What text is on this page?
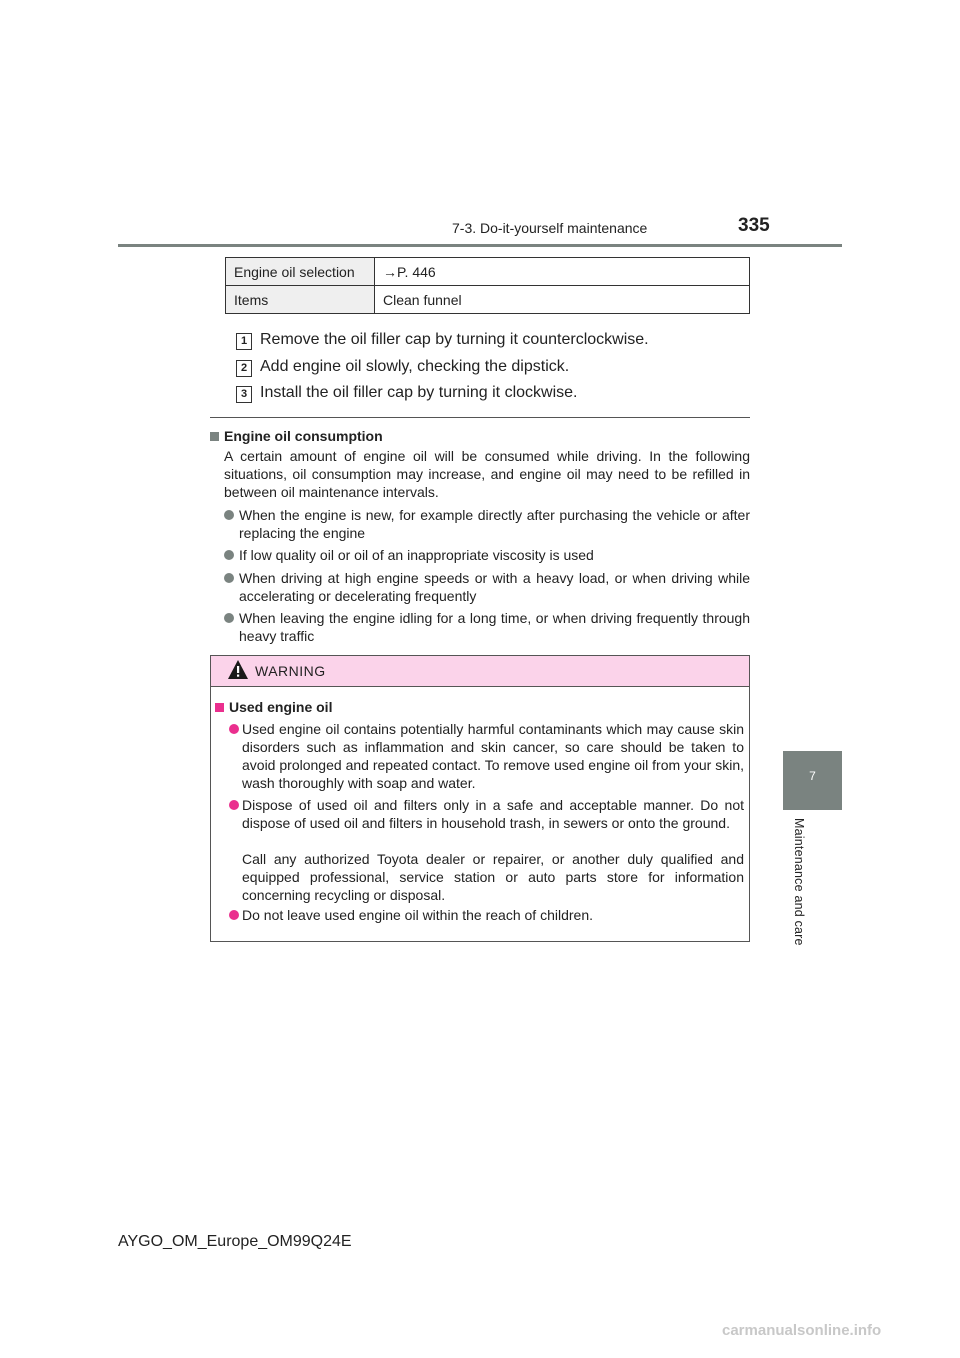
7-3. Do-it-yourself maintenance	335
7
Maintenance and care
Engine oil selection	→P. 446
Items	Clean funnel
1 Remove the oil filler cap by turning it counterclockwise.
2 Add engine oil slowly, checking the dipstick.
3 Install the oil filler cap by turning it clockwise.
Engine oil consumption
A certain amount of engine oil will be consumed while driving. In the following situations, oil consumption may increase, and engine oil may need to be refilled in between oil maintenance intervals.
When the engine is new, for example directly after purchasing the vehicle or after replacing the engine
If low quality oil or oil of an inappropriate viscosity is used
When driving at high engine speeds or with a heavy load, or when driving while accelerating or decelerating frequently
When leaving the engine idling for a long time, or when driving frequently through heavy traffic
WARNING
Used engine oil
Used engine oil contains potentially harmful contaminants which may cause skin disorders such as inflammation and skin cancer, so care should be taken to avoid prolonged and repeated contact. To remove used engine oil from your skin, wash thoroughly with soap and water.
Dispose of used oil and filters only in a safe and acceptable manner. Do not dispose of used oil and filters in household trash, in sewers or onto the ground.
Call any authorized Toyota dealer or repairer, or another duly qualified and equipped professional, service station or auto parts store for information concerning recycling or disposal.
Do not leave used engine oil within the reach of children.
AYGO_OM_Europe_OM99Q24E
carmanualsonline.info
